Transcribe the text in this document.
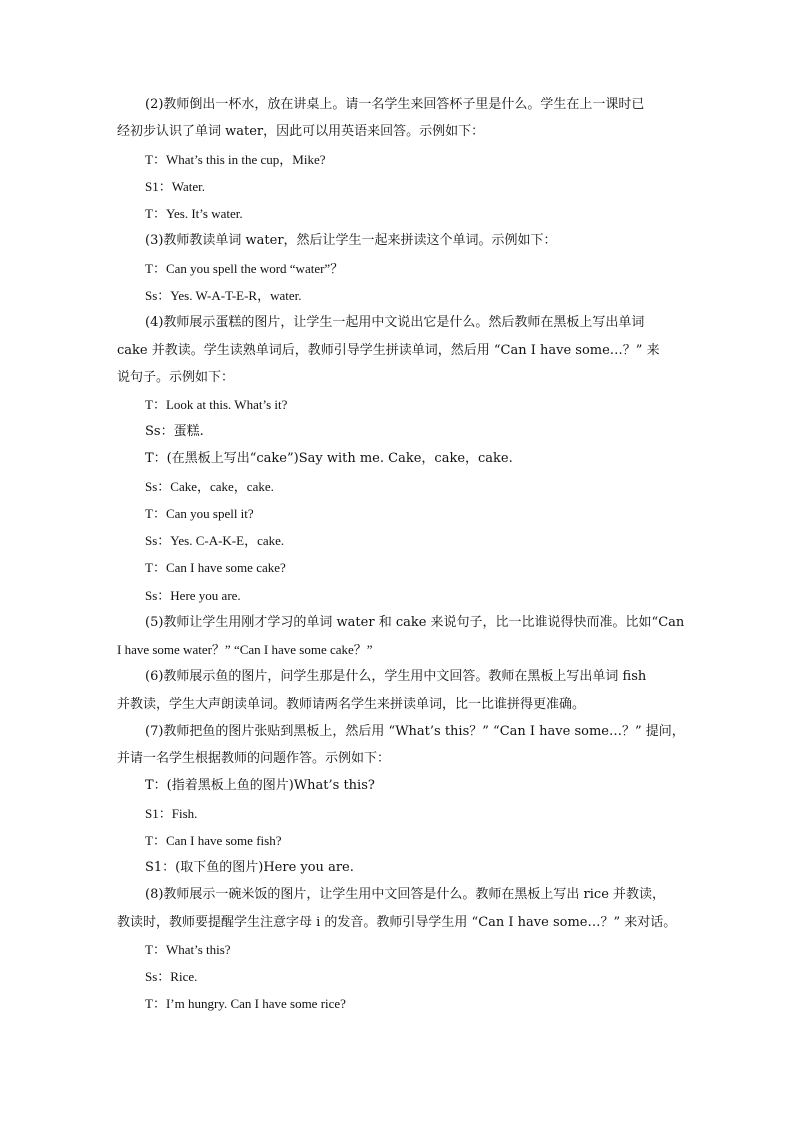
(2)教师倒出一杯水，放在讲桌上。请一名学生来回答杯子里是什么。学生在上一课时已
经初步认识了单词 water，因此可以用英语来回答。示例如下：
T：What’s this in the cup，Mike?
S1：Water.
T：Yes. It’s water.
(3)教师教读单词 water，然后让学生一起来拼读这个单词。示例如下：
T：Can you spell the word “water”？
Ss：Yes. W-A-T-E-R，water.
(4)教师展示蛋糕的图片，让学生一起用中文说出它是什么。然后教师在黑板上写出单词
cake 并教读。学生读熟单词后，教师引导学生拼读单词，然后用 “Can I have some…？” 来
说句子。示例如下：
T：Look at this. What’s it?
Ss：蛋糕.
T：(在黑板上写出“cake”)Say with me. Cake，cake，cake.
Ss：Cake，cake，cake.
T：Can you spell it?
Ss：Yes. C-A-K-E，cake.
T：Can I have some cake?
Ss：Here you are.
(5)教师让学生用刚才学习的单词 water 和 cake 来说句子，比一比谁说得快而准。比如“Can
I have some water？” “Can I have some cake？”
(6)教师展示鱼的图片，问学生那是什么，学生用中文回答。教师在黑板上写出单词 fish
并教读，学生大声朗读单词。教师请两名学生来拼读单词，比一比谁拼得更准确。
(7)教师把鱼的图片张贴到黑板上，然后用 “What’s this？” “Can I have some…？” 提问，
并请一名学生根据教师的问题作答。示例如下：
T：(指着黑板上鱼的图片)What’s this?
S1：Fish.
T：Can I have some fish?
S1：(取下鱼的图片)Here you are.
(8)教师展示一碗米饭的图片，让学生用中文回答是什么。教师在黑板上写出 rice 并教读，
教读时，教师要提醒学生注意字母 i 的发音。教师引导学生用 “Can I have some…？” 来对话。
T：What’s this?
Ss：Rice.
T：I’m hungry. Can I have some rice?
